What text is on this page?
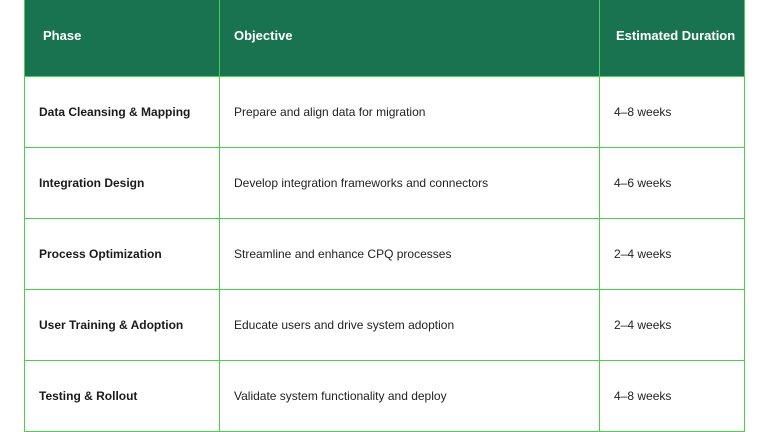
Phase	Objective	Estimated Duration
Data Cleansing & Mapping	Prepare and align data for migration	4–8 weeks
Integration Design	Develop integration frameworks and connectors	4–6 weeks
Process Optimization	Streamline and enhance CPQ processes	2–4 weeks
User Training & Adoption	Educate users and drive system adoption	2–4 weeks
Testing & Rollout	Validate system functionality and deploy	4–8 weeks
